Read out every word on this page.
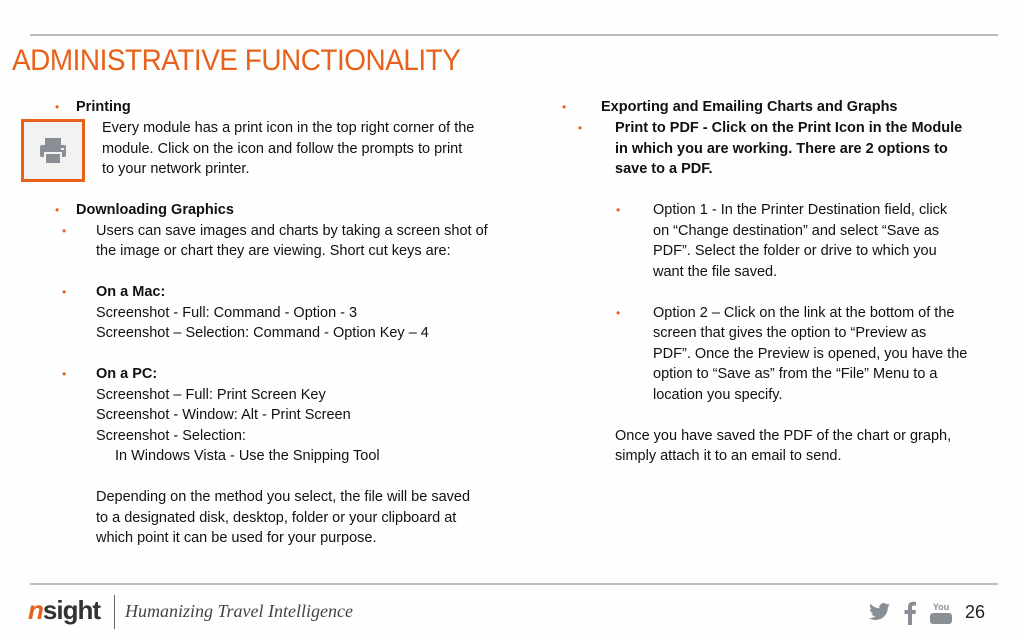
ADMINISTRATIVE FUNCTIONALITY
• Printing
Every module has a print icon in the top right corner of the
module. Click on the icon and follow the prompts to print
to your network printer.
• Downloading Graphics
• Users can save images and charts by taking a screen shot of
the image or chart they are viewing. Short cut keys are:
• On a Mac:
Screenshot - Full: Command - Option - 3
Screenshot – Selection: Command - Option Key – 4
• On a PC:
Screenshot – Full: Print Screen Key
Screenshot - Window: Alt - Print Screen
Screenshot - Selection:
In Windows Vista - Use the Snipping Tool
Depending on the method you select, the file will be saved
to a designated disk, desktop, folder or your clipboard at
which point it can be used for your purpose.
• Exporting and Emailing Charts and Graphs
• Print to PDF - Click on the Print Icon in the Module
in which you are working. There are 2 options to
save to a PDF.
• Option 1 - In the Printer Destination field, click
on “Change destination” and select “Save as
PDF”. Select the folder or drive to which you
want the file saved.
• Option 2 – Click on the link at the bottom of the
screen that gives the option to “Preview as
PDF”. Once the Preview is opened, you have the
option to “Save as” from the “File” Menu to a
location you specify.
Once you have saved the PDF of the chart or graph,
simply attach it to an email to send.
nsight Humanizing Travel Intelligence	You 26
